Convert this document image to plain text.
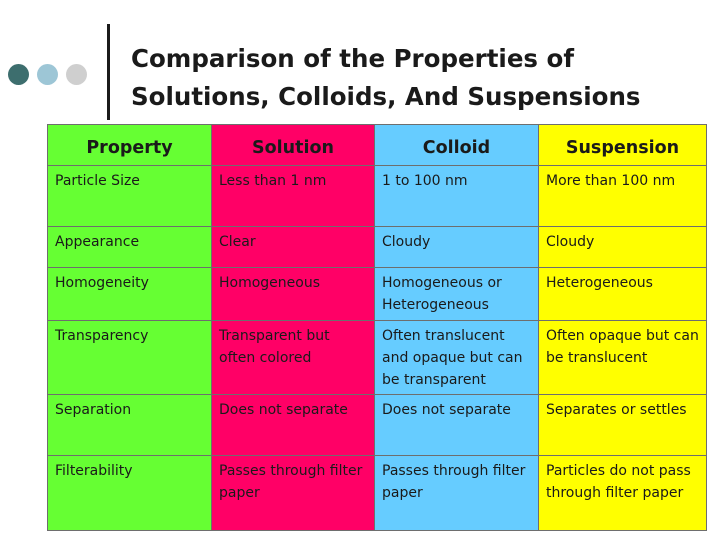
Comparison of the Properties of
Solutions, Colloids, And Suspensions
Property	Solution	Colloid	Suspension
Particle Size	Less than 1 nm	1 to 100 nm	More than 100 nm
Appearance	Clear	Cloudy	Cloudy
Homogeneity	Homogeneous	Homogeneous or Heterogeneous	Heterogeneous
Transparency	Transparent but often colored	Often translucent and opaque but can be transparent	Often opaque but can be translucent
Separation	Does not separate	Does not separate	Separates or settles
Filterability	Passes through filter paper	Passes through filter paper	Particles do not pass through filter paper
